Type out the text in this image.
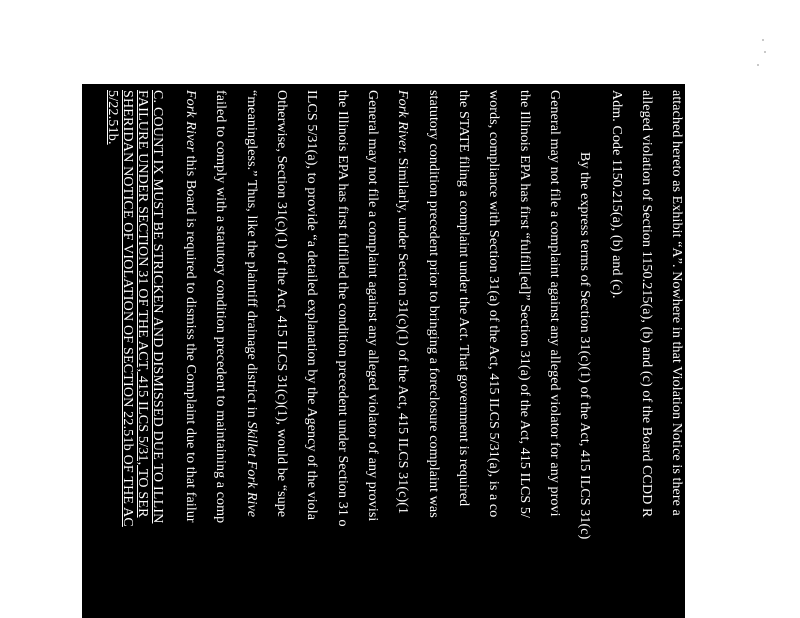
attached hereto as Exhibit “A”. Nowhere in that Violation Notice is there a
alleged violation of Section 1150.215(a), (b) and (c) of the Board CCDD R
Adm. Code 1150.215(a), (b) and (c).
By the express terms of Section 31(c)(1) of the Act, 415 ILCS 31(c)
General may not file a complaint against any alleged violator for any provi
the Illinois EPA has first “fulfill[ed]” Section 31(a) of the Act, 415 ILCS 5/
words, compliance with Section 31(a) of the Act, 415 ILCS 5/31(a), is a co
the STATE filing a complaint under the Act. That government is required
statutory condition precedent prior to bringing a foreclosure complaint was
Fork River. Similarly, under Section 31(c)(1) of the Act, 415 ILCS 31(c)(1
General may not file a complaint against any alleged violator of any provisi
the Illinois EPA has first fulfilled the condition precedent under Section 31 o
ILCS 5/31(a), to provide “a detailed explanation by the Agency of the viola
Otherwise, Section 31(c)(1) of the Act, 415 ILCS 31(c)(1), would be “supe
“meaningless.” Thus, like the plaintiff drainage district in Skillet Fork Rive
failed to comply with a statutory condition precedent to maintaining a comp
Fork River this Board is required to dismiss the Complaint due to that failur
C. COUNT IX MUST BE STRICKEN AND DISMISSED DUE TO ILLIN
FAILURE UNDER SECTION 31 OF THE ACT, 415 ILCS 5/31, TO SER
SHERIDAN NOTICE OF VIOLATION OF SECTION 22.51b OF THE AC
5/22.51b.
